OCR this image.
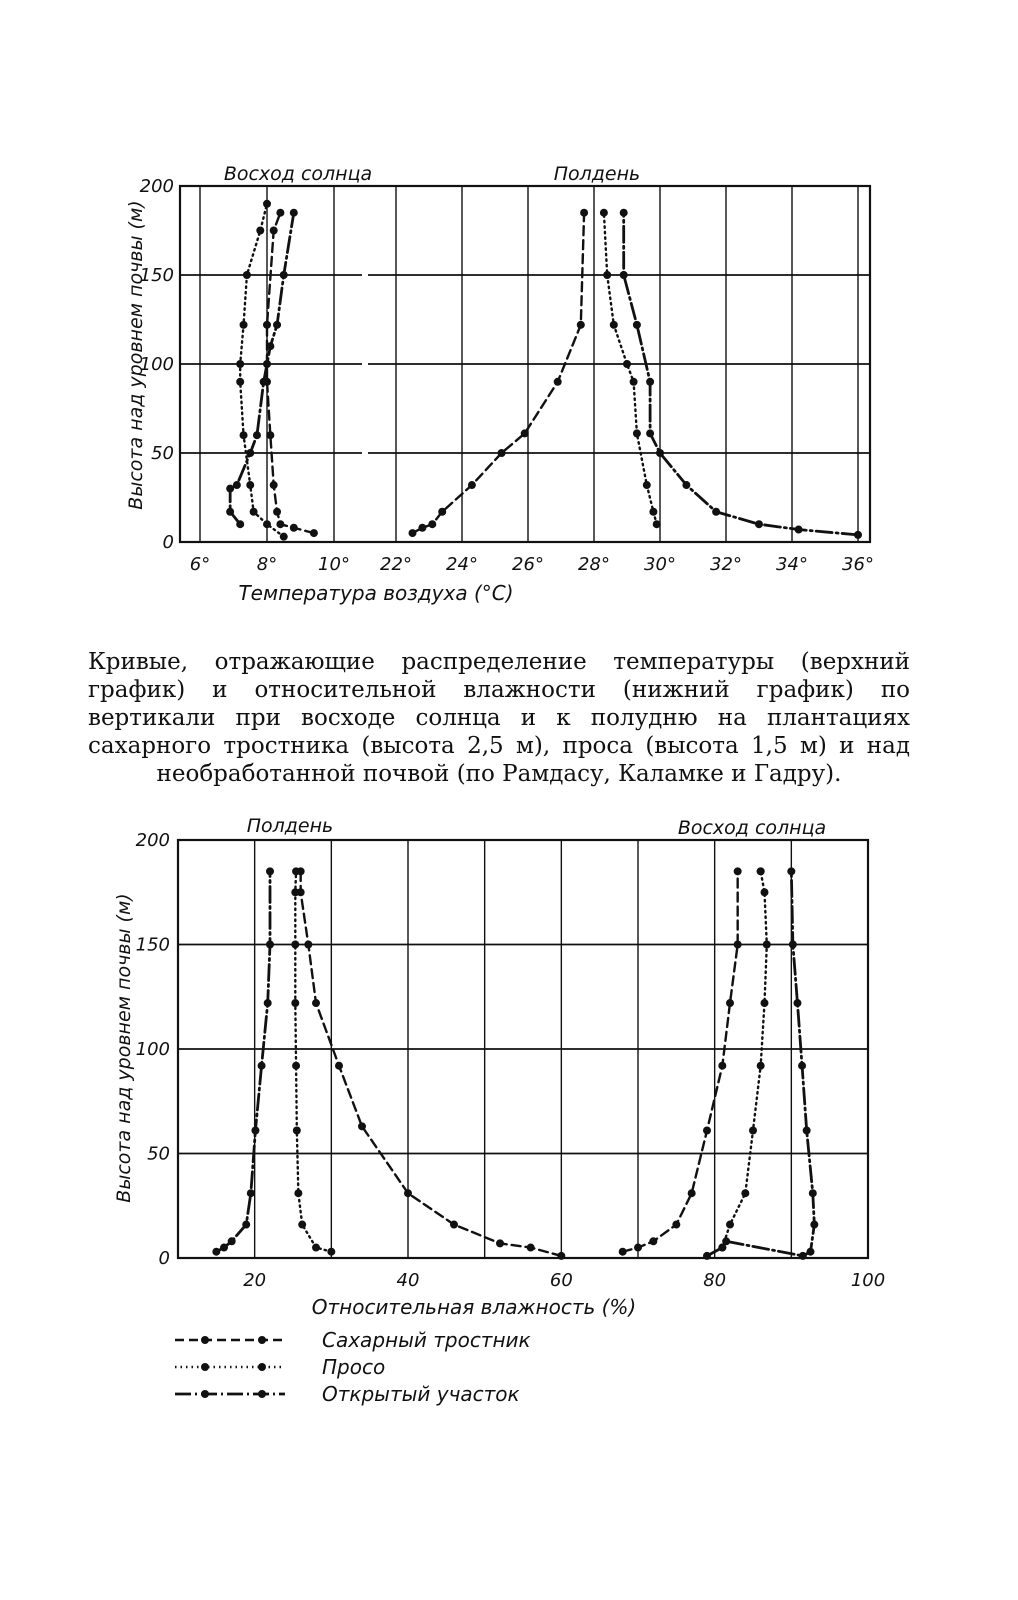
6°	8° 10° 22° 24° 26° 28° 30° 32° 34° 36°
0
50
100
150
200
Восход солнца	Полдень
Температура воздуха (°С)
Высота над уровнем почвы (м)
Кривые, отражающие распределение температуры (верхний график) и относительной влажности (нижний график) по вертикали при восходе солнца и к полудню на плантациях сахарного тростника (высота 2,5 м), проса (высота 1,5 м) и над необработанной почвой (по Рамдасу, Каламке и Гадру).
20	40	60	80	100
0
50
100
150
200
Полдень	Восход солнца
Относительная влажность (%)
Высота над уровнем почвы (м)
Сахарный тростник
Просо
Открытый участок
